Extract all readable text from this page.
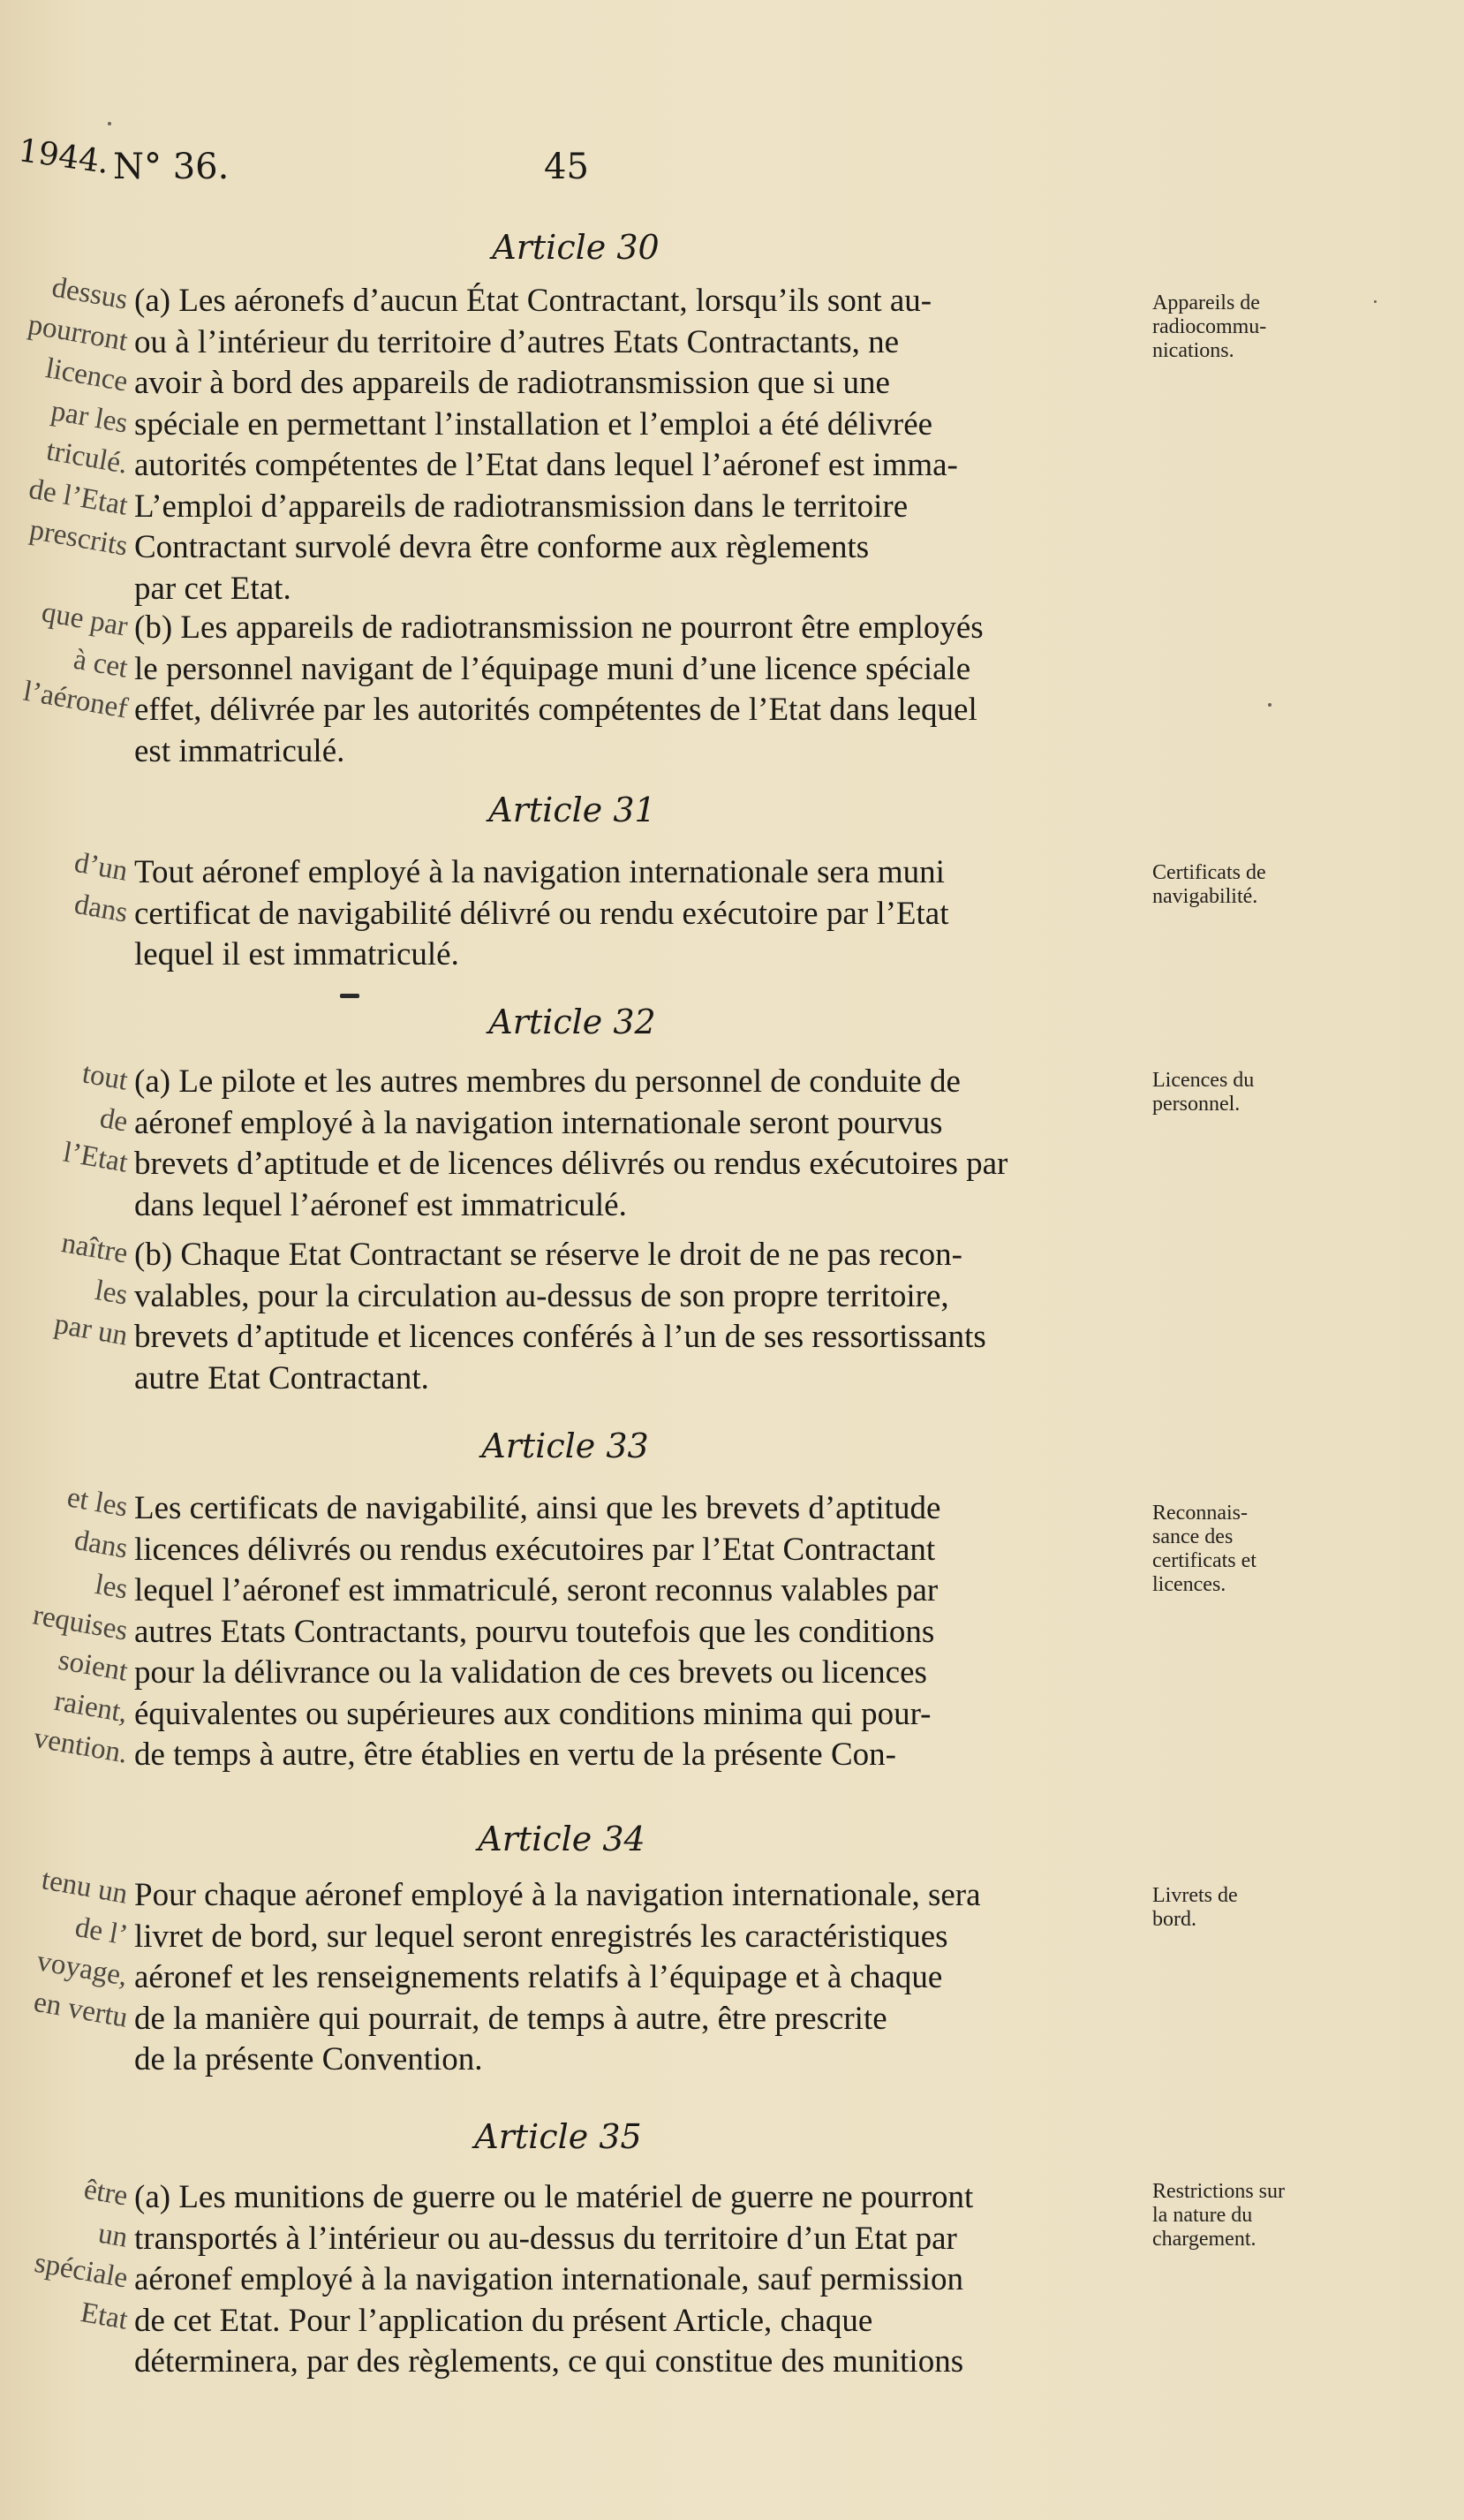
1944. N° 36.	45
Article 30
dessus
pourront
licence
par les
triculé.
de l’Etat
prescrits
(a) Les aéronefs d’aucun État Contractant, lorsqu’ils sont au-
ou à l’intérieur du territoire d’autres Etats Contractants, ne
avoir à bord des appareils de radiotransmission que si une
spéciale en permettant l’installation et l’emploi a été délivrée
autorités compétentes de l’Etat dans lequel l’aéronef est imma-
L’emploi d’appareils de radiotransmission dans le territoire
Contractant survolé devra être conforme aux règlements
par cet Etat.
que par
à cet
l’aéronef
(b) Les appareils de radiotransmission ne pourront être employés
le personnel navigant de l’équipage muni d’une licence spéciale
effet, délivrée par les autorités compétentes de l’Etat dans lequel
est immatriculé.
Appareils de radiocommu-nications.
Article 31
d’un
dans
Tout aéronef employé à la navigation internationale sera muni
certificat de navigabilité délivré ou rendu exécutoire par l’Etat
lequel il est immatriculé.
Certificats de navigabilité.
Article 32
tout
de
l’Etat
(a) Le pilote et les autres membres du personnel de conduite de
aéronef employé à la navigation internationale seront pourvus
brevets d’aptitude et de licences délivrés ou rendus exécutoires par
dans lequel l’aéronef est immatriculé.
naître
les
par un
(b) Chaque Etat Contractant se réserve le droit de ne pas recon-
valables, pour la circulation au-dessus de son propre territoire,
brevets d’aptitude et licences conférés à l’un de ses ressortissants
autre Etat Contractant.
Licences du personnel.
Article 33
et les
dans
les
requises
soient
raient,
vention.
Les certificats de navigabilité, ainsi que les brevets d’aptitude
licences délivrés ou rendus exécutoires par l’Etat Contractant
lequel l’aéronef est immatriculé, seront reconnus valables par
autres Etats Contractants, pourvu toutefois que les conditions
pour la délivrance ou la validation de ces brevets ou licences
équivalentes ou supérieures aux conditions minima qui pour-
de temps à autre, être établies en vertu de la présente Con-
Reconnais-sance des certificats et licences.
Article 34
tenu un
de l’
voyage,
en vertu
Pour chaque aéronef employé à la navigation internationale, sera
livret de bord, sur lequel seront enregistrés les caractéristiques
aéronef et les renseignements relatifs à l’équipage et à chaque
de la manière qui pourrait, de temps à autre, être prescrite
de la présente Convention.
Livrets de bord.
Article 35
être
un
spéciale
Etat
(a) Les munitions de guerre ou le matériel de guerre ne pourront
transportés à l’intérieur ou au-dessus du territoire d’un Etat par
aéronef employé à la navigation internationale, sauf permission
de cet Etat. Pour l’application du présent Article, chaque
déterminera, par des règlements, ce qui constitue des munitions
Restrictions sur la nature du chargement.
